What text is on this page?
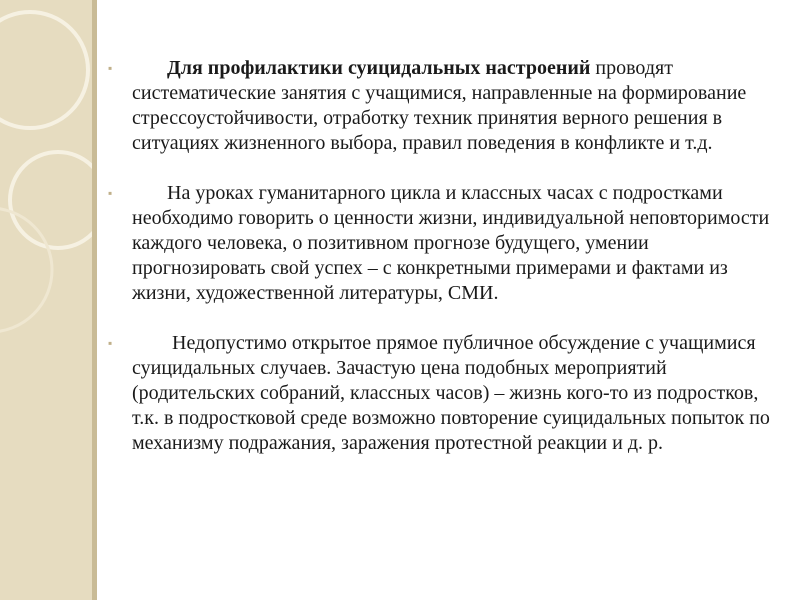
▪	Для профилактики суицидальных настроений проводят систематические занятия с учащимися, направленные на формирование стрессоустойчивости, отработку техник принятия верного решения в ситуациях жизненного выбора, правил поведения в конфликте и т.д.

▪	На уроках гуманитарного цикла и классных часах с подростками необходимо говорить о ценности жизни, индивидуальной неповторимости каждого человека, о позитивном прогнозе будущего, умении прогнозировать свой успех – с конкретными примерами и фактами из жизни, художественной литературы, СМИ.

▪	Недопустимо открытое прямое публичное обсуждение с учащимися суицидальных случаев. Зачастую цена подобных мероприятий (родительских собраний, классных часов) – жизнь кого-то из подростков, т.к. в подростковой среде возможно повторение суицидальных попыток по механизму подражания, заражения протестной реакции и д. р.
